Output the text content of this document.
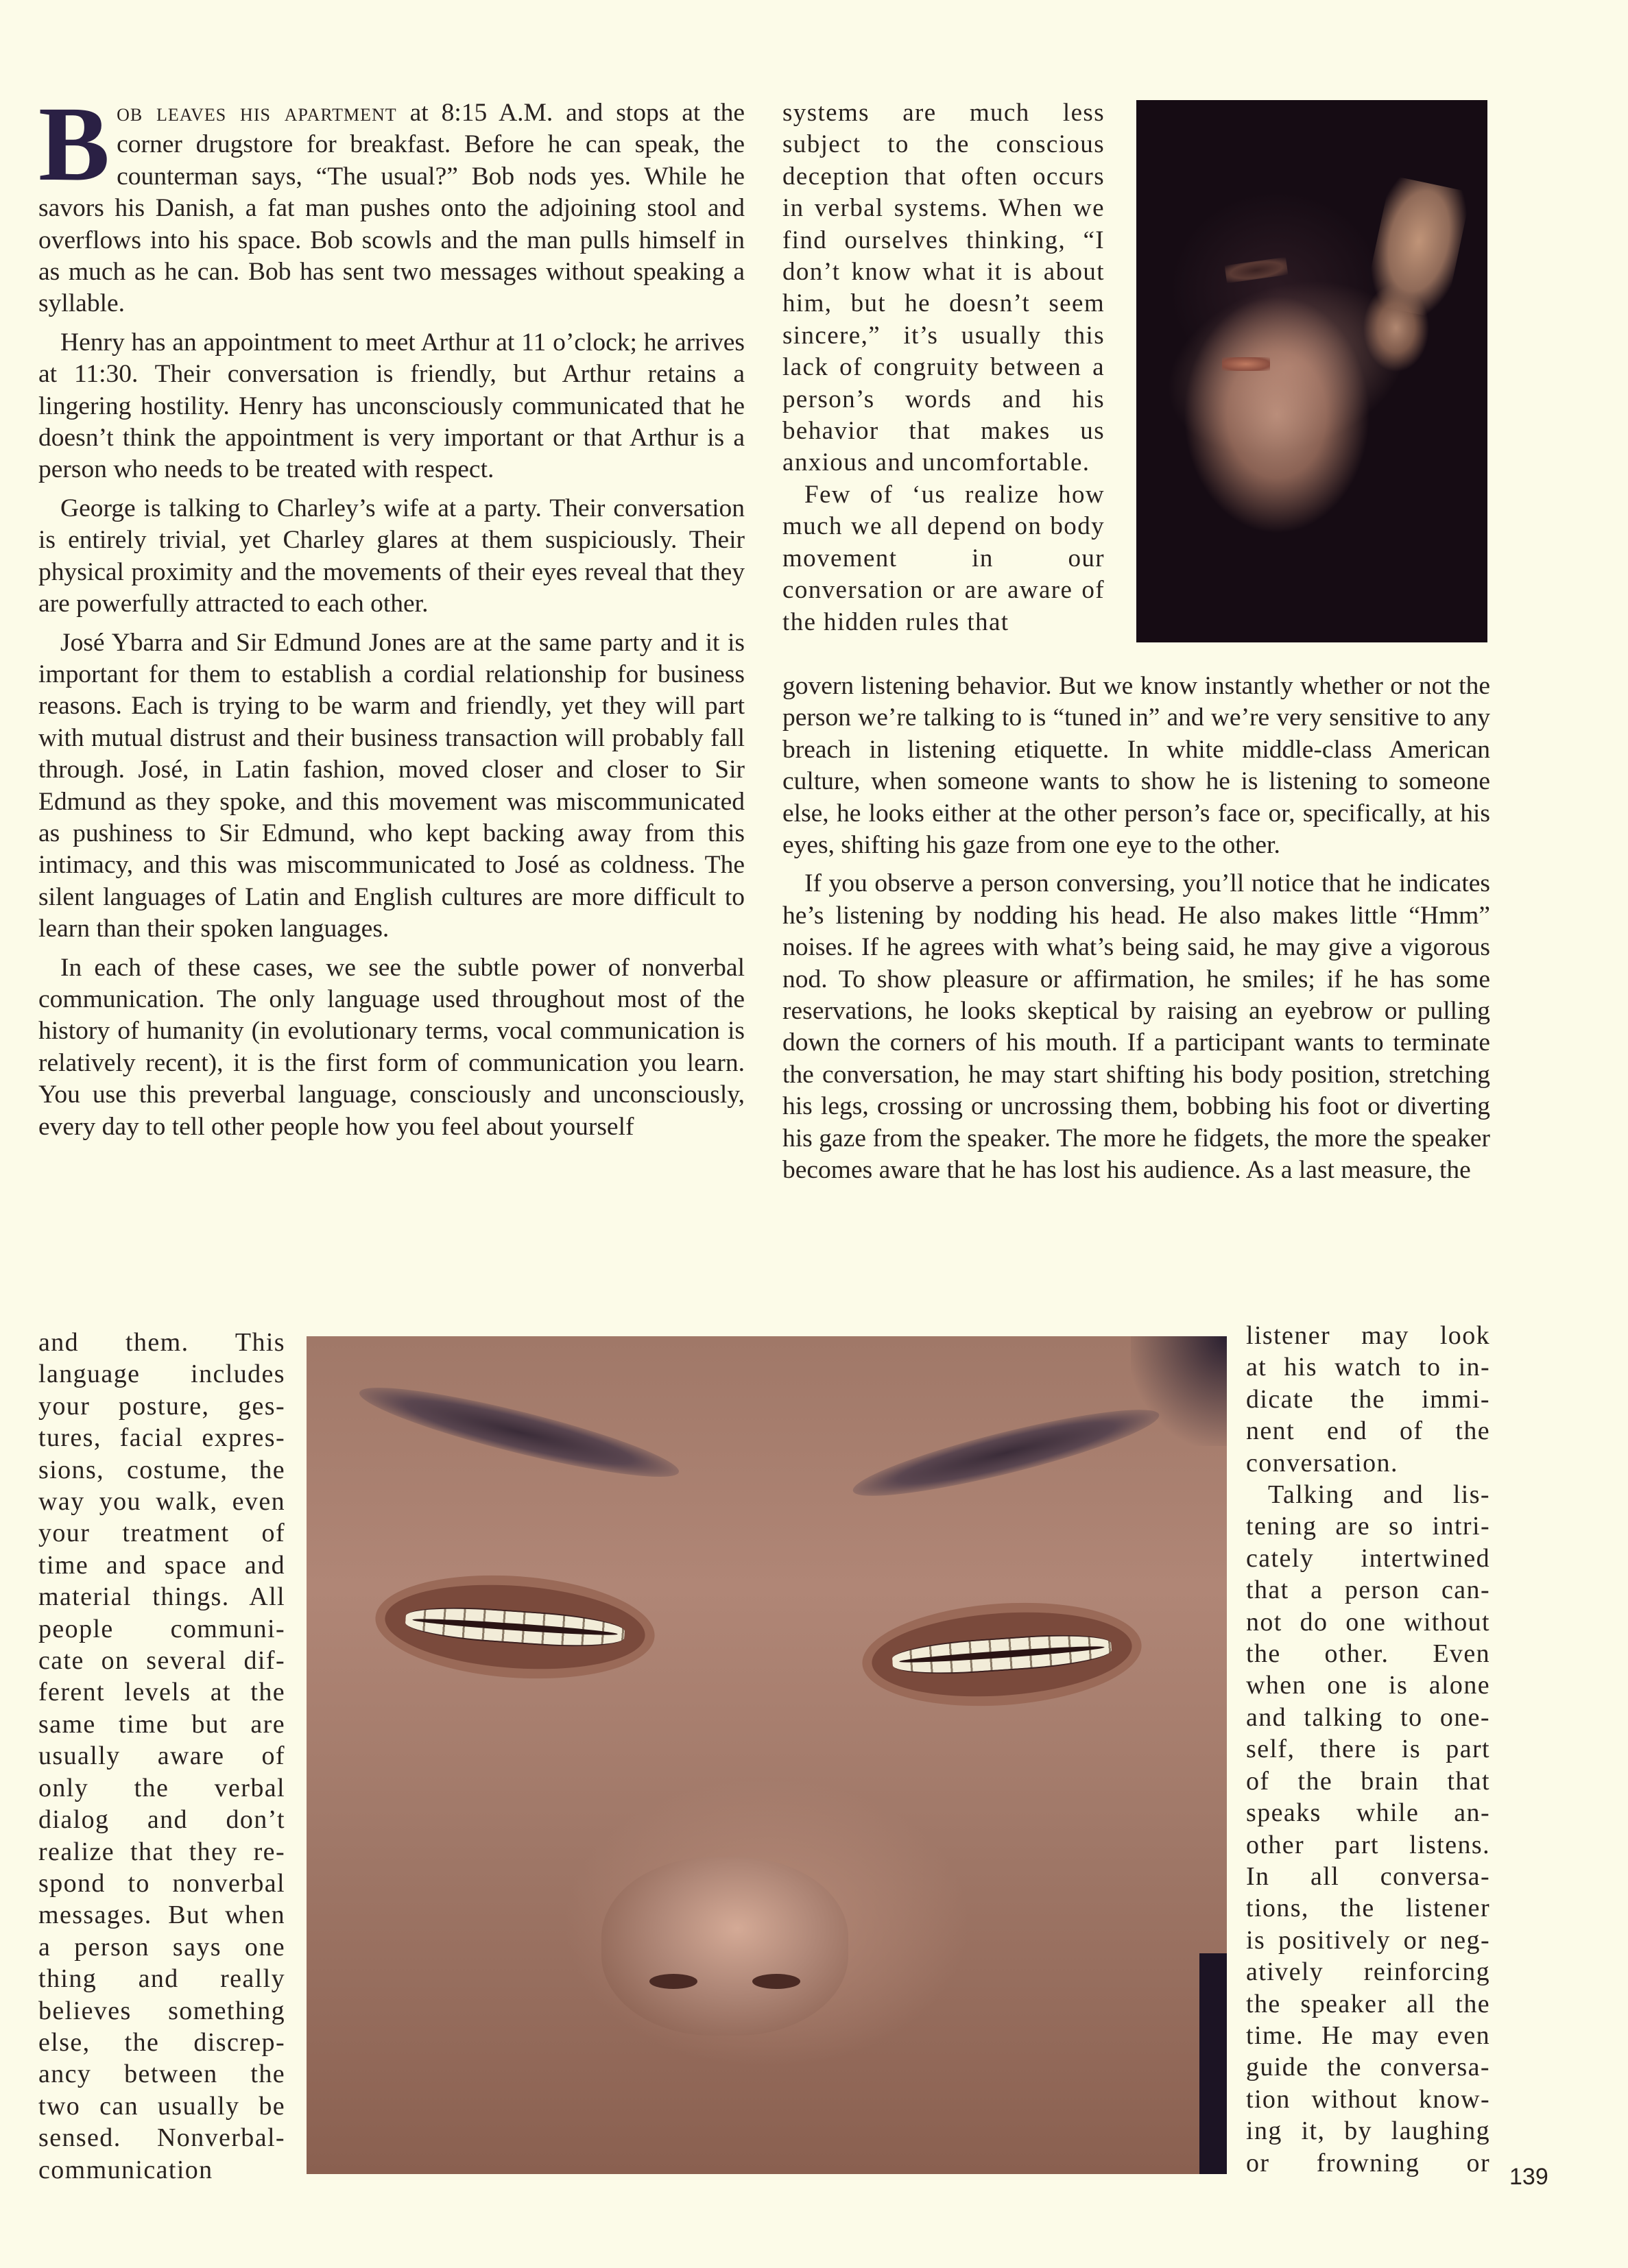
Bob leaves his apartment at 8:15 A.M. and stops at the corner drugstore for breakfast. Before he can speak, the counterman says, “The usual?” Bob nods yes. While he savors his Danish, a fat man pushes onto the adjoining stool and overflows into his space. Bob scowls and the man pulls himself in as much as he can. Bob has sent two messages without speaking a syllable.

Henry has an appointment to meet Arthur at 11 o’clock; he arrives at 11:30. Their conversation is friendly, but Arthur retains a lingering hostility. Henry has unconsciously communicated that he doesn’t think the appointment is very important or that Arthur is a person who needs to be treated with respect.

George is talking to Charley’s wife at a party. Their conversation is entirely trivial, yet Charley glares at them suspiciously. Their physical proximity and the movements of their eyes reveal that they are powerfully attracted to each other.

José Ybarra and Sir Edmund Jones are at the same party and it is important for them to establish a cordial relationship for business reasons. Each is trying to be warm and friendly, yet they will part with mutual distrust and their business transaction will probably fall through. José, in Latin fashion, moved closer and closer to Sir Edmund as they spoke, and this movement was miscommunicated as pushiness to Sir Edmund, who kept backing away from this intimacy, and this was miscommunicated to José as coldness. The silent languages of Latin and English cultures are more difficult to learn than their spoken languages.

In each of these cases, we see the subtle power of nonverbal communication. The only language used throughout most of the history of humanity (in evolutionary terms, vocal communication is relatively recent), it is the first form of communication you learn. You use this preverbal language, consciously and unconsciously, every day to tell other people how you feel about yourself

and them. This
language includes
your posture, ges-
tures, facial expres-
sions, costume, the
way you walk, even
your treatment of
time and space and
material things. All
people communi-
cate on several dif-
ferent levels at the
same time but are
usually aware of
only the verbal
dialog and don’t
realize that they re-
spond to nonverbal
messages. But when
a person says one
thing and really
believes something
else, the discrep-
ancy between the
two can usually be
sensed. Nonverbal-
communication

systems are much less subject to the conscious deception that often occurs in verbal systems. When we find ourselves thinking, “I don’t know what it is about him, but he doesn’t seem sincere,” it’s usually this lack of congruity between a person’s words and his behavior that makes us anxious and uncomfortable.

Few of ‘us realize how much we all depend on body movement in our conversation or are aware of the hidden rules that

govern listening behavior. But we know instantly whether or not the person we’re talking to is “tuned in” and we’re very sensitive to any breach in listening etiquette. In white middle-class American culture, when someone wants to show he is listening to someone else, he looks either at the other person’s face or, specifically, at his eyes, shifting his gaze from one eye to the other.

If you observe a person conversing, you’ll notice that he indicates he’s listening by nodding his head. He also makes little “Hmm” noises. If he agrees with what’s being said, he may give a vigorous nod. To show pleasure or affirmation, he smiles; if he has some reservations, he looks skeptical by raising an eyebrow or pulling down the corners of his mouth. If a participant wants to terminate the conversation, he may start shifting his body position, stretching his legs, crossing or uncrossing them, bobbing his foot or diverting his gaze from the speaker. The more he fidgets, the more the speaker becomes aware that he has lost his audience. As a last measure, the

listener may look
at his watch to in-
dicate the immi-
nent end of the
conversation.
Talking and lis-
tening are so intri-
cately intertwined
that a person can-
not do one without
the other. Even
when one is alone
and talking to one-
self, there is part
of the brain that
speaks while an-
other part listens.
In all conversa-
tions, the listener
is positively or neg-
atively reinforcing
the speaker all the
time. He may even
guide the conversa-
tion without know-
ing it, by laughing
or frowning or 139
